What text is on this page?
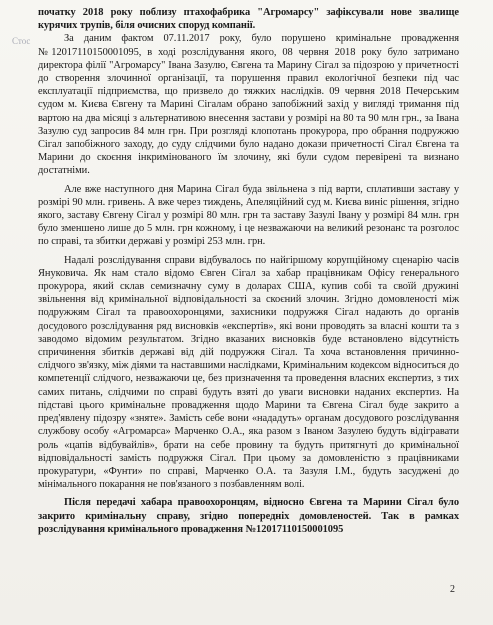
Стос

початку 2018 року поблизу птахофабрика "Агромарсу" зафіксували нове звалище курячих трупів, біля очисних споруд компанії.

За даним фактом 07.11.2017 року, було порушено кримінальне провадження №12017110150001095, в ході розслідування якого, 08 червня 2018 року було затримано директора філії "Агромарсу" Івана Зазулю, Євгена та Марину Сігал за підозрою у причетності до створення злочинної організації, та порушення правил екологічної безпеки під час експлуатації підприємства, що призвело до тяжких наслідків. 09 червня 2018 Печерським судом м. Києва Євгену та Марині Сігалам обрано запобіжний захід у вигляді тримання під вартою на два місяці з альтернативою внесення застави у розмірі на 80 та 90 млн грн., за Івана Зазулю суд запросив 84 млн грн. При розгляді клопотань прокурора, про обрання подружжю Сігал запобіжного заходу, до суду слідчими було надано докази причетності Сігал Євгена та Марини до скоєння інкримінованого їм злочину, які були судом перевірені та визнано достатніми.

Але вже наступного дня Марина Сігал буда звільнена з під варти, сплативши заставу у розмірі 90 млн. гривень. А вже через тиждень, Апеляційний суд м. Києва виніс рішення, згідно якого, заставу Євгену Сігал у розмірі 80 млн. грн та заставу Зазулі Івану у розмірі 84 млн. грн було зменшено лише до 5 млн. грн кожному, і це незважаючи на великий резонанс та розголос по справі, та збитки державі у розмірі 253 млн. грн.

Надалі розслідування справи відбувалось по найгіршому корупційному сценарію часів Януковича. Як нам стало відомо Євген Сігал за хабар працівникам Офісу генерального прокурора, який склав семизначну суму в доларах США, купив собі та своїй дружині звільнення від кримінальної відповідальності за скоєний злочин. Згідно домовленості між подружжям Сігал та правоохоронцями, захисники подружжя Сігал надають до органів досудового розслідування ряд висновків «експертів», які вони проводять за власні кошти та з заводомо відомим результатом. Згідно вказаних висновків буде встановлено відсутність спричинення збитків державі від дій подружжя Сігал. Та хоча встановлення причинно-слідчого зв'язку, між діями та наставшими наслідками, Кримінальним кодексом відноситься до компетенції слідчого, незважаючи це, без призначення та проведення власних експертиз, з тих самих питань, слідчими по справі будуть взяті до уваги висновки наданих експертиз. На підставі цього кримінальне провадження щодо Марини та Євгена Сігал буде закрито а пред'явлену підозру «зняте». Замість себе вони «нададуть» органам досудового розслідування службову особу «Агромарса» Марченко О.А., яка разом з Іваном Зазулею будуть відігравати роль «цапів відбувайлів», брати на себе провину та будуть притягнуті до кримінальної відповідальності замість подружжя Сігал. При цьому за домовленістю з працівниками прокуратури, «Фунти» по справі, Марченко О.А. та Зазуля І.М., будуть засуджені до мінімального покарання не пов'язаного з позбавленням волі.

Після передачі хабара правоохоронцям, відносно Євгена та Марини Сігал було закрито кримінальну справу, згідно попередніх домовленостей. Так в рамках розслідування кримінального провадження №12017110150001095

2
